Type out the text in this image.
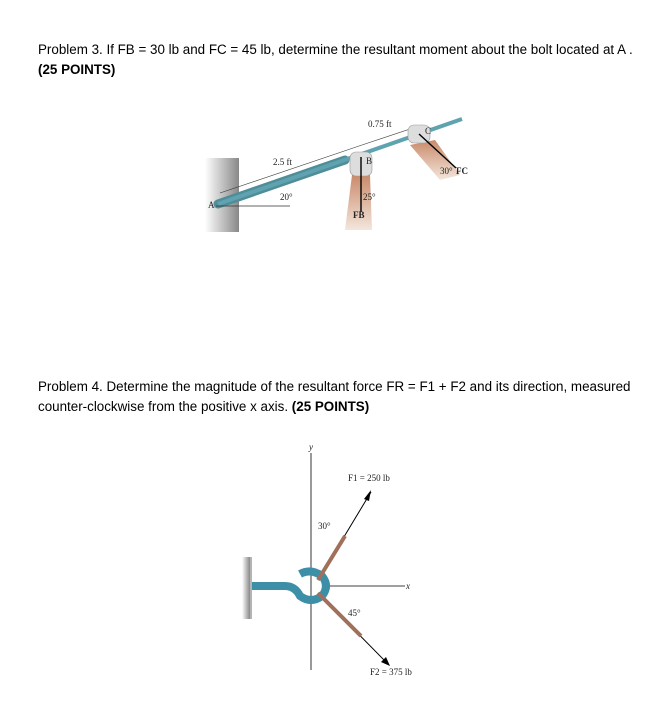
Problem 3. If FB = 30 lb and FC = 45 lb, determine the resultant moment about the bolt located at A . (25 POINTS)
Problem 4. Determine the magnitude of the resultant force FR = F1 + F2 and its direction, measured counter-clockwise from the positive x axis. (25 POINTS)
A
B
C
2.5 ft
0.75 ft
20°	25°
30°
FB
FC
y
x
F1 = 250 lb
F2 = 375 lb
30°
45°
